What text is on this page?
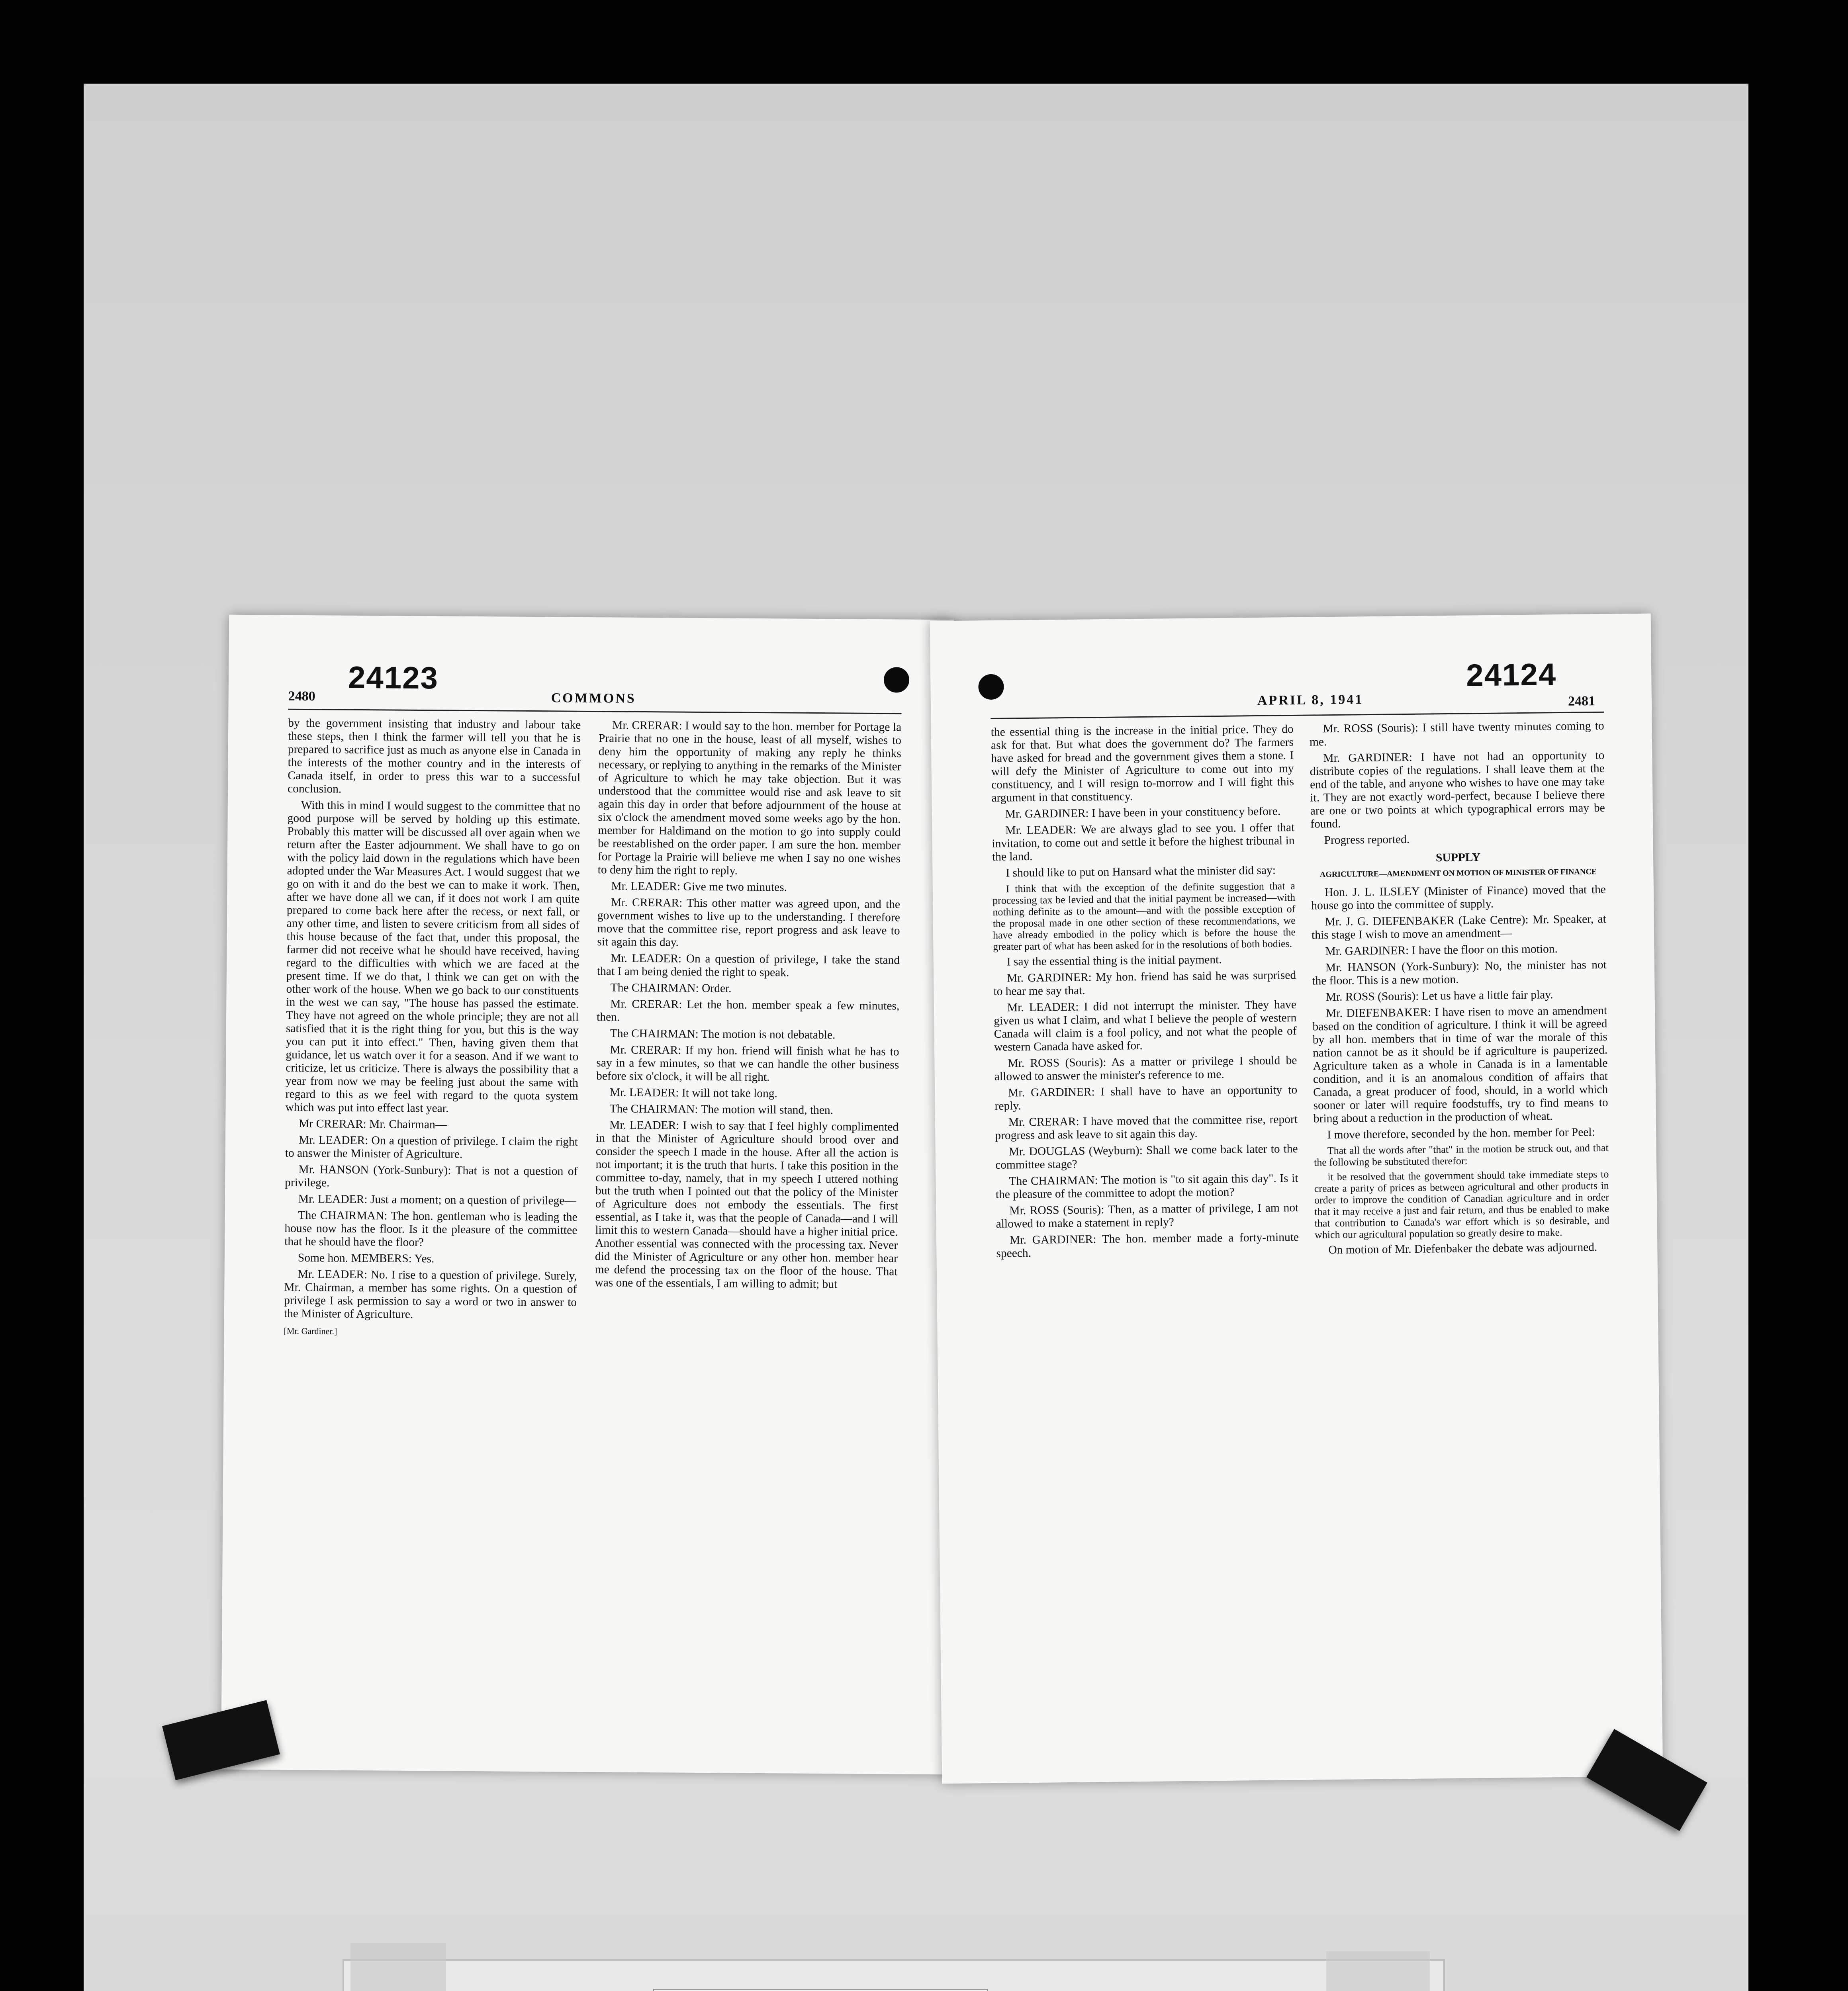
2480
24123
COMMONS

by the government insisting that industry and labour take these steps, then I think the farmer will tell you that he is prepared to sacrifice just as much as anyone else in Canada in the interests of the mother country and in the interests of Canada itself, in order to press this war to a successful conclusion.

With this in mind I would suggest to the committee that no good purpose will be served by holding up this estimate. Probably this matter will be discussed all over again when we return after the Easter adjournment. We shall have to go on with the policy laid down in the regulations which have been adopted under the War Measures Act. I would suggest that we go on with it and do the best we can to make it work. Then, after we have done all we can, if it does not work I am quite prepared to come back here after the recess, or next fall, or any other time, and listen to severe criticism from all sides of this house because of the fact that, under this proposal, the farmer did not receive what he should have received, having regard to the difficulties with which we are faced at the present time. If we do that, I think we can get on with the other work of the house. When we go back to our constituents in the west we can say, "The house has passed the estimate. They have not agreed on the whole principle; they are not all satisfied that it is the right thing for you, but this is the way you can put it into effect." Then, having given them that guidance, let us watch over it for a season. And if we want to criticize, let us criticize. There is always the possibility that a year from now we may be feeling just about the same with regard to this as we feel with regard to the quota system which was put into effect last year.

Mr CRERAR: Mr. Chairman—

Mr. LEADER: On a question of privilege. I claim the right to answer the Minister of Agriculture.

Mr. HANSON (York-Sunbury): That is not a question of privilege.

Mr. LEADER: Just a moment; on a question of privilege—

The CHAIRMAN: The hon. gentleman who is leading the house now has the floor. Is it the pleasure of the committee that he should have the floor?

Some hon. MEMBERS: Yes.

Mr. LEADER: No. I rise to a question of privilege. Surely, Mr. Chairman, a member has some rights. On a question of privilege I ask permission to say a word or two in answer to the Minister of Agriculture.

[Mr. Gardiner.]

Mr. CRERAR: I would say to the hon. member for Portage la Prairie that no one in the house, least of all myself, wishes to deny him the opportunity of making any reply he thinks necessary, or replying to anything in the remarks of the Minister of Agriculture to which he may take objection. But it was understood that the committee would rise and ask leave to sit again this day in order that before adjournment of the house at six o'clock the amendment moved some weeks ago by the hon. member for Haldimand on the motion to go into supply could be reestablished on the order paper. I am sure the hon. member for Portage la Prairie will believe me when I say no one wishes to deny him the right to reply.

Mr. LEADER: Give me two minutes.

Mr. CRERAR: This other matter was agreed upon, and the government wishes to live up to the understanding. I therefore move that the committee rise, report progress and ask leave to sit again this day.

Mr. LEADER: On a question of privilege, I take the stand that I am being denied the right to speak.

The CHAIRMAN: Order.

Mr. CRERAR: Let the hon. member speak a few minutes, then.

The CHAIRMAN: The motion is not debatable.

Mr. CRERAR: If my hon. friend will finish what he has to say in a few minutes, so that we can handle the other business before six o'clock, it will be all right.

Mr. LEADER: It will not take long.

The CHAIRMAN: The motion will stand, then.

Mr. LEADER: I wish to say that I feel highly complimented in that the Minister of Agriculture should brood over and consider the speech I made in the house. After all the action is not important; it is the truth that hurts. I take this position in the committee to-day, namely, that in my speech I uttered nothing but the truth when I pointed out that the policy of the Minister of Agriculture does not embody the essentials. The first essential, as I take it, was that the people of Canada—and I will limit this to western Canada—should have a higher initial price. Another essential was connected with the processing tax. Never did the Minister of Agriculture or any other hon. member hear me defend the processing tax on the floor of the house. That was one of the essentials, I am willing to admit; but

APRIL 8, 1941
24124
2481

the essential thing is the increase in the initial price. They do ask for that. But what does the government do? The farmers have asked for bread and the government gives them a stone. I will defy the Minister of Agriculture to come out into my constituency, and I will resign to-morrow and I will fight this argument in that constituency.

Mr. GARDINER: I have been in your constituency before.

Mr. LEADER: We are always glad to see you. I offer that invitation, to come out and settle it before the highest tribunal in the land.

I should like to put on Hansard what the minister did say:

I think that with the exception of the definite suggestion that a processing tax be levied and that the initial payment be increased—with nothing definite as to the amount—and with the possible exception of the proposal made in one other section of these recommendations, we have already embodied in the policy which is before the house the greater part of what has been asked for in the resolutions of both bodies.

I say the essential thing is the initial payment.

Mr. GARDINER: My hon. friend has said he was surprised to hear me say that.

Mr. LEADER: I did not interrupt the minister. They have given us what I claim, and what I believe the people of western Canada will claim is a fool policy, and not what the people of western Canada have asked for.

Mr. ROSS (Souris): As a matter or privilege I should be allowed to answer the minister's reference to me.

Mr. GARDINER: I shall have to have an opportunity to reply.

Mr. CRERAR: I have moved that the committee rise, report progress and ask leave to sit again this day.

Mr. DOUGLAS (Weyburn): Shall we come back later to the committee stage?

The CHAIRMAN: The motion is "to sit again this day". Is it the pleasure of the committee to adopt the motion?

Mr. ROSS (Souris): Then, as a matter of privilege, I am not allowed to make a statement in reply?

Mr. GARDINER: The hon. member made a forty-minute speech.

Mr. ROSS (Souris): I still have twenty minutes coming to me.

Mr. GARDINER: I have not had an opportunity to distribute copies of the regulations. I shall leave them at the end of the table, and anyone who wishes to have one may take it. They are not exactly word-perfect, because I believe there are one or two points at which typographical errors may be found.

Progress reported.

SUPPLY
AGRICULTURE—AMENDMENT ON MOTION OF MINISTER OF FINANCE

Hon. J. L. ILSLEY (Minister of Finance) moved that the house go into the committee of supply.

Mr. J. G. DIEFENBAKER (Lake Centre): Mr. Speaker, at this stage I wish to move an amendment—

Mr. GARDINER: I have the floor on this motion.

Mr. HANSON (York-Sunbury): No, the minister has not the floor. This is a new motion.

Mr. ROSS (Souris): Let us have a little fair play.

Mr. DIEFENBAKER: I have risen to move an amendment based on the condition of agriculture. I think it will be agreed by all hon. members that in time of war the morale of this nation cannot be as it should be if agriculture is pauperized. Agriculture taken as a whole in Canada is in a lamentable condition, and it is an anomalous condition of affairs that Canada, a great producer of food, should, in a world which sooner or later will require foodstuffs, try to find means to bring about a reduction in the production of wheat.

I move therefore, seconded by the hon. member for Peel:

That all the words after "that" in the motion be struck out, and that the following be substituted therefor:

it be resolved that the government should take immediate steps to create a parity of prices as between agricultural and other products in order to improve the condition of Canadian agriculture and in order that it may receive a just and fair return, and thus be enabled to make that contribution to Canada's war effort which is so desirable, and which our agricultural population so greatly desire to make.

On motion of Mr. Diefenbaker the debate was adjourned.
